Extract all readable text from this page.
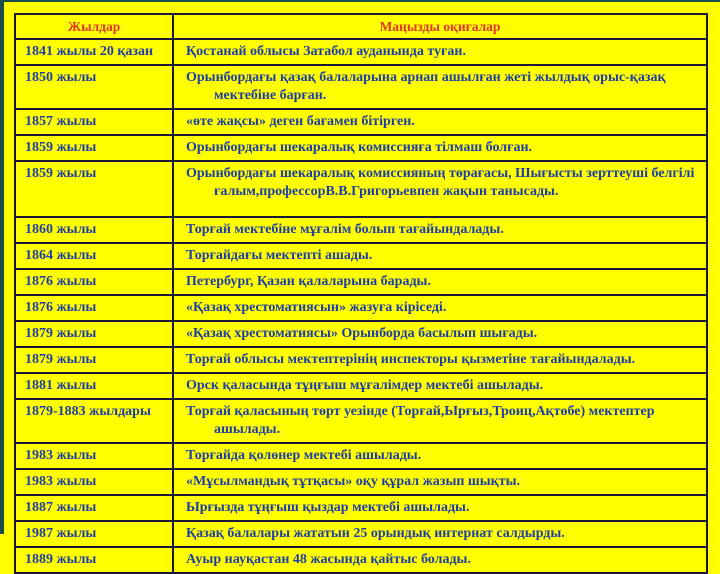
Жылдар	Маңызды оқиғалар
1841 жылы 20 қазан	Қостанай облысы Затабол ауданында туған.
1850 жылы	Орынбордағы қазақ балаларына арнап ашылған жеті жылдық орыс-қазақ мектебіне барған.
1857 жылы	«өте жақсы» деген бағамен бітірген.
1859 жылы	Орынбордағы шекаралық комиссияға тілмаш болған.
1859 жылы	Орынбордағы шекаралық комиссияның төрағасы, Шығысты зерттеуші белгілі ғалым,профессорВ.В.Григорьевпен жақын танысады.
1860 жылы	Торғай мектебіне мұғалім болып тағайындалады.
1864 жылы	Торғайдағы мектепті ашады.
1876 жылы	Петербург, Қазан қалаларына барады.
1876 жылы	«Қазақ хрестоматиясын» жазуға кіріседі.
1879 жылы	«Қазақ хрестоматиясы» Орынборда басылып шығады.
1879 жылы	Торғай облысы мектептерінің инспекторы қызметіне тағайындалады.
1881 жылы	Орск қаласында тұңғыш мұғалімдер мектебі ашылады.
1879-1883 жылдары	Торғай қаласының төрт уезінде (Торғай,Ырғыз,Троиц,Ақтөбе) мектептер ашылады.
1983 жылы	Торғайда қолөнер мектебі ашылады.
1983 жылы	«Мұсылмандық тұтқасы» оқу құрал жазып шықты.
1887 жылы	Ырғызда тұңғыш қыздар мектебі ашылады.
1987 жылы	Қазақ балалары жататын 25 орындық интернат салдырды.
1889 жылы	Ауыр науқастан 48 жасында қайтыс болады.
